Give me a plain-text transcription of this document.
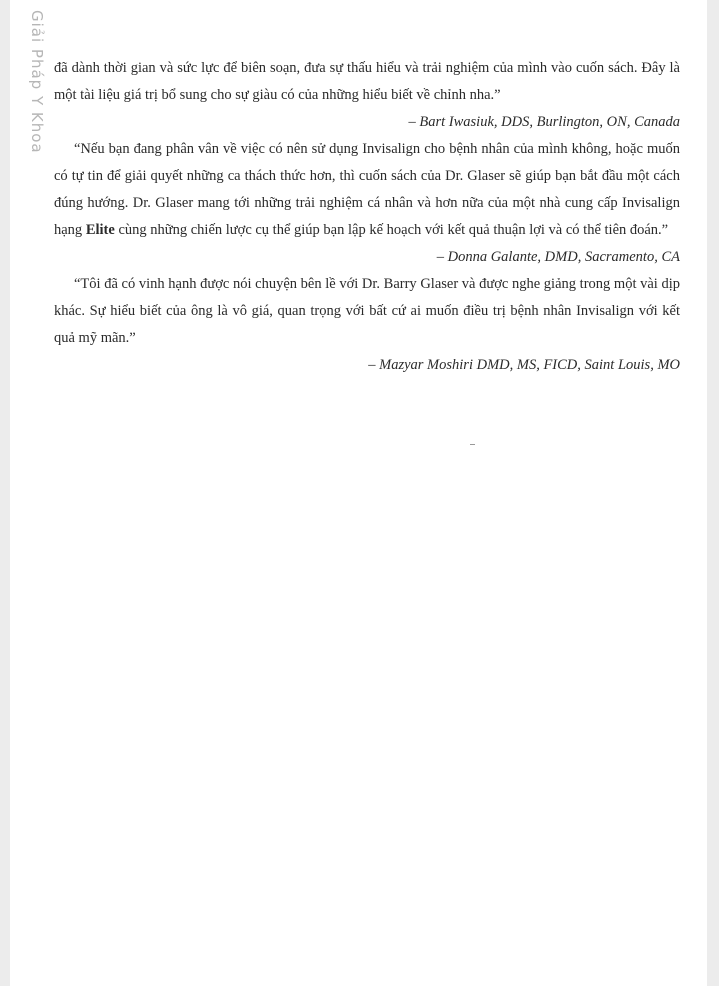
Giải Pháp Y Khoa đã dành thời gian và sức lực để biên soạn, đưa sự thấu hiểu và trải nghiệm của mình vào cuốn sách. Đây là một tài liệu giá trị bổ sung cho sự giàu có của những hiểu biết về chỉnh nha.”

– Bart Iwasiuk, DDS, Burlington, ON, Canada

“Nếu bạn đang phân vân về việc có nên sử dụng Invisalign cho bệnh nhân của mình không, hoặc muốn có tự tin để giải quyết những ca thách thức hơn, thì cuốn sách của Dr. Glaser sẽ giúp bạn bắt đầu một cách đúng hướng. Dr. Glaser mang tới những trải nghiệm cá nhân và hơn nữa của một nhà cung cấp Invisalign hạng Elite cùng những chiến lược cụ thể giúp bạn lập kế hoạch với kết quả thuận lợi và có thể tiên đoán.”

– Donna Galante, DMD, Sacramento, CA

“Tôi đã có vinh hạnh được nói chuyện bên lề với Dr. Barry Glaser và được nghe giảng trong một vài dịp khác. Sự hiểu biết của ông là vô giá, quan trọng với bất cứ ai muốn điều trị bệnh nhân Invisalign với kết quả mỹ mãn.”

– Mazyar Moshiri DMD, MS, FICD, Saint Louis, MO
